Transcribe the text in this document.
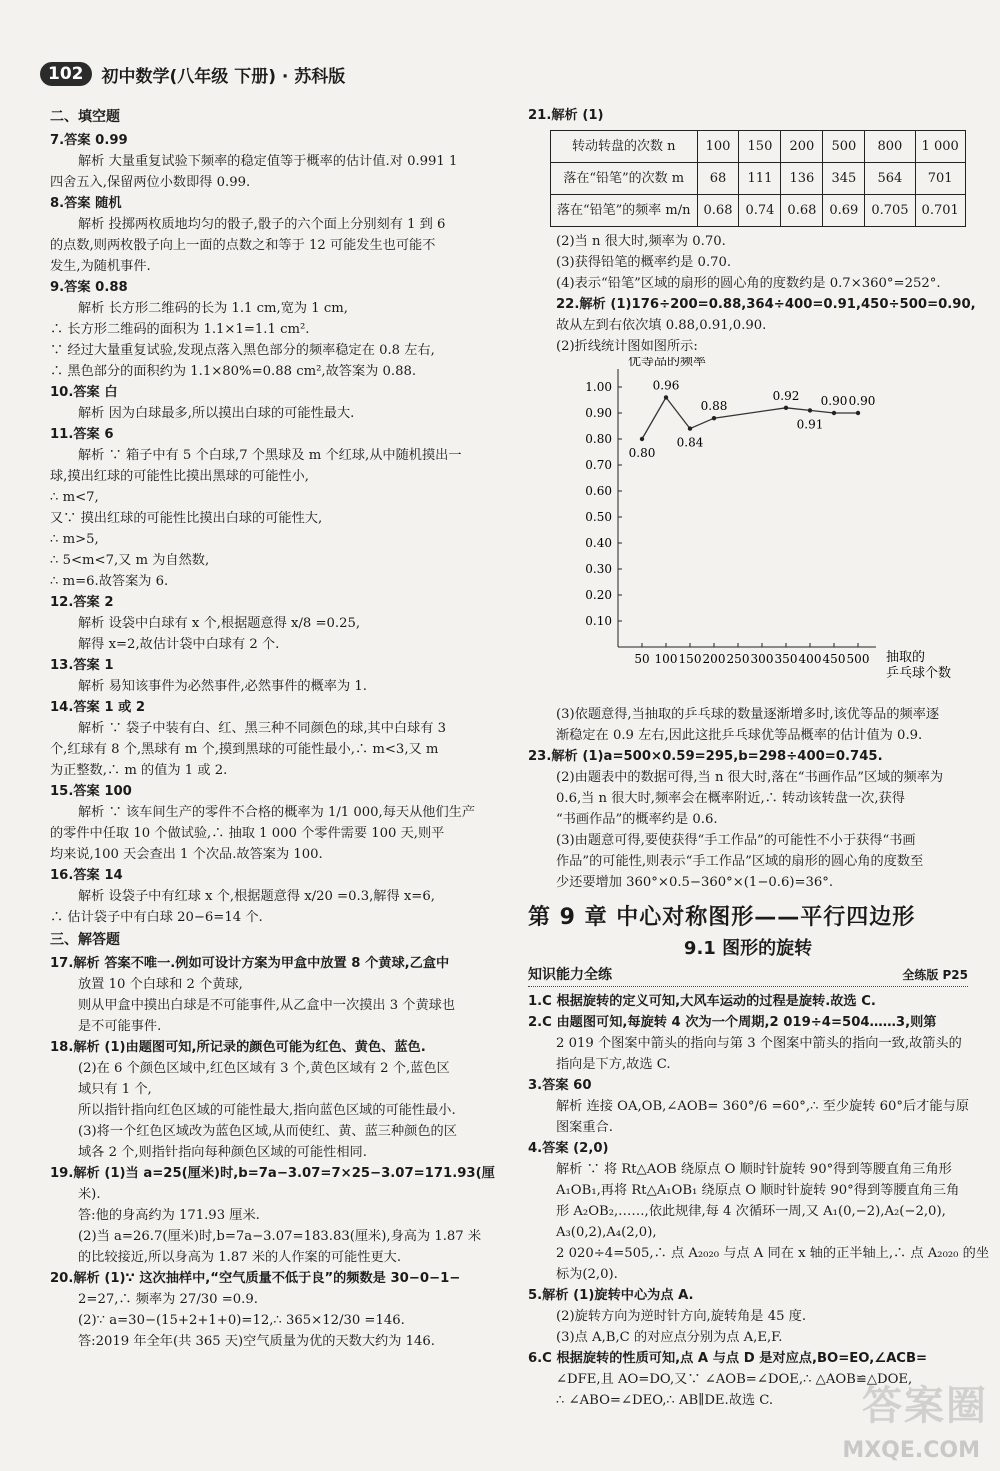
102	初中数学(八年级 下册) · 苏科版
二、填空题
7.答案 0.99
解析 大量重复试验下频率的稳定值等于概率的估计值.对 0.991 1
四舍五入,保留两位小数即得 0.99.
8.答案 随机
解析 投掷两枚质地均匀的骰子,骰子的六个面上分别刻有 1 到 6
的点数,则两枚骰子向上一面的点数之和等于 12 可能发生也可能不
发生,为随机事件.
9.答案 0.88
解析 长方形二维码的长为 1.1 cm,宽为 1 cm,
∴ 长方形二维码的面积为 1.1×1=1.1 cm².
∵ 经过大量重复试验,发现点落入黑色部分的频率稳定在 0.8 左右,
∴ 黑色部分的面积约为 1.1×80%=0.88 cm²,故答案为 0.88.
10.答案 白
解析 因为白球最多,所以摸出白球的可能性最大.
11.答案 6
解析 ∵ 箱子中有 5 个白球,7 个黑球及 m 个红球,从中随机摸出一
球,摸出红球的可能性比摸出黑球的可能性小,
∴ m<7,
又∵ 摸出红球的可能性比摸出白球的可能性大,
∴ m>5,
∴ 5<m<7,又 m 为自然数,
∴ m=6.故答案为 6.
12.答案 2
解析 设袋中白球有 x 个,根据题意得 x/8 =0.25,
解得 x=2,故估计袋中白球有 2 个.
13.答案 1
解析 易知该事件为必然事件,必然事件的概率为 1.
14.答案 1 或 2
解析 ∵ 袋子中装有白、红、黑三种不同颜色的球,其中白球有 3
个,红球有 8 个,黑球有 m 个,摸到黑球的可能性最小,∴ m<3,又 m
为正整数,∴ m 的值为 1 或 2.
15.答案 100
解析 ∵ 该车间生产的零件不合格的概率为 1/1 000,每天从他们生产
的零件中任取 10 个做试验,∴ 抽取 1 000 个零件需要 100 天,则平
均来说,100 天会查出 1 个次品.故答案为 100.
16.答案 14
解析 设袋子中有红球 x 个,根据题意得 x/20 =0.3,解得 x=6,
∴ 估计袋子中有白球 20−6=14 个.
三、解答题
17.解析 答案不唯一.例如可设计方案为甲盒中放置 8 个黄球,乙盒中
放置 10 个白球和 2 个黄球,
则从甲盒中摸出白球是不可能事件,从乙盒中一次摸出 3 个黄球也
是不可能事件.
18.解析 (1)由题图可知,所记录的颜色可能为红色、黄色、蓝色.
(2)在 6 个颜色区域中,红色区域有 3 个,黄色区域有 2 个,蓝色区
域只有 1 个,
所以指针指向红色区域的可能性最大,指向蓝色区域的可能性最小.
(3)将一个红色区域改为蓝色区域,从而使红、黄、蓝三种颜色的区
域各 2 个,则指针指向每种颜色区域的可能性相同.
19.解析 (1)当 a=25(厘米)时,b=7a−3.07=7×25−3.07=171.93(厘
米).
答:他的身高约为 171.93 厘米.
(2)当 a=26.7(厘米)时,b=7a−3.07=183.83(厘米),身高为 1.87 米
的比较接近,所以身高为 1.87 米的人作案的可能性更大.
20.解析 (1)∵ 这次抽样中,“空气质量不低于良”的频数是 30−0−1−
2=27,∴ 频率为 27/30 =0.9.
(2)∵ a=30−(15+2+1+0)=12,∴ 365×12/30 =146.
答:2019 年全年(共 365 天)空气质量为优的天数大约为 146.
21.解析 (1)
转动转盘的次数 n	100	150	200	500	800	1 000
落在“铅笔”的次数 m	68	111	136	345	564	701
落在“铅笔”的频率 m/n	0.68	0.74	0.68	0.69	0.705	0.701
(2)当 n 很大时,频率为 0.70.
(3)获得铅笔的概率约是 0.70.
(4)表示“铅笔”区域的扇形的圆心角的度数约是 0.7×360°=252°.
22.解析 (1)176÷200=0.88,364÷400=0.91,450÷500=0.90,
故从左到右依次填 0.88,0.91,0.90.
(2)折线统计图如图所示:
0.10
0.20
0.30
0.40
0.50
0.60
0.70
0.80
0.90
1.00
50 100 150 200 250 300 350 400 450 500
优等品的频率
抽取的
乒乓球个数
0.80
0.96
0.84
0.88
0.92
0.91
0.90 0.90
(3)依题意得,当抽取的乒乓球的数量逐渐增多时,该优等品的频率逐
渐稳定在 0.9 左右,因此这批乒乓球优等品概率的估计值为 0.9.
23.解析 (1)a=500×0.59=295,b=298÷400=0.745.
(2)由题表中的数据可得,当 n 很大时,落在“书画作品”区域的频率为
0.6,当 n 很大时,频率会在概率附近,∴ 转动该转盘一次,获得
“书画作品”的概率约是 0.6.
(3)由题意可得,要使获得“手工作品”的可能性不小于获得“书画
作品”的可能性,则表示“手工作品”区域的扇形的圆心角的度数至
少还要增加 360°×0.5−360°×(1−0.6)=36°.
第 9 章 中心对称图形——平行四边形
9.1 图形的旋转
知识能力全练	全练版 P25
1.C 根据旋转的定义可知,大风车运动的过程是旋转.故选 C.
2.C 由题图可知,每旋转 4 次为一个周期,2 019÷4=504……3,则第
2 019 个图案中箭头的指向与第 3 个图案中箭头的指向一致,故箭头的
指向是下方,故选 C.
3.答案 60
解析 连接 OA,OB,∠AOB= 360°/6 =60°,∴ 至少旋转 60°后才能与原
图案重合.
4.答案 (2,0)
解析 ∵ 将 Rt△AOB 绕原点 O 顺时针旋转 90°得到等腰直角三角形
A₁OB₁,再将 Rt△A₁OB₁ 绕原点 O 顺时针旋转 90°得到等腰直角三角
形 A₂OB₂,……,依此规律,每 4 次循环一周,又 A₁(0,−2),A₂(−2,0),
A₃(0,2),A₄(2,0),
2 020÷4=505,∴ 点 A₂₀₂₀ 与点 A 同在 x 轴的正半轴上,∴ 点 A₂₀₂₀ 的坐
标为(2,0).
5.解析 (1)旋转中心为点 A.
(2)旋转方向为逆时针方向,旋转角是 45 度.
(3)点 A,B,C 的对应点分别为点 A,E,F.
6.C 根据旋转的性质可知,点 A 与点 D 是对应点,BO=EO,∠ACB=
∠DFE,且 AO=DO,又∵ ∠AOB=∠DOE,∴ △AOB≌△DOE,
∴ ∠ABO=∠DEO,∴ AB∥DE.故选 C.	答案圈
MXQE.COM
